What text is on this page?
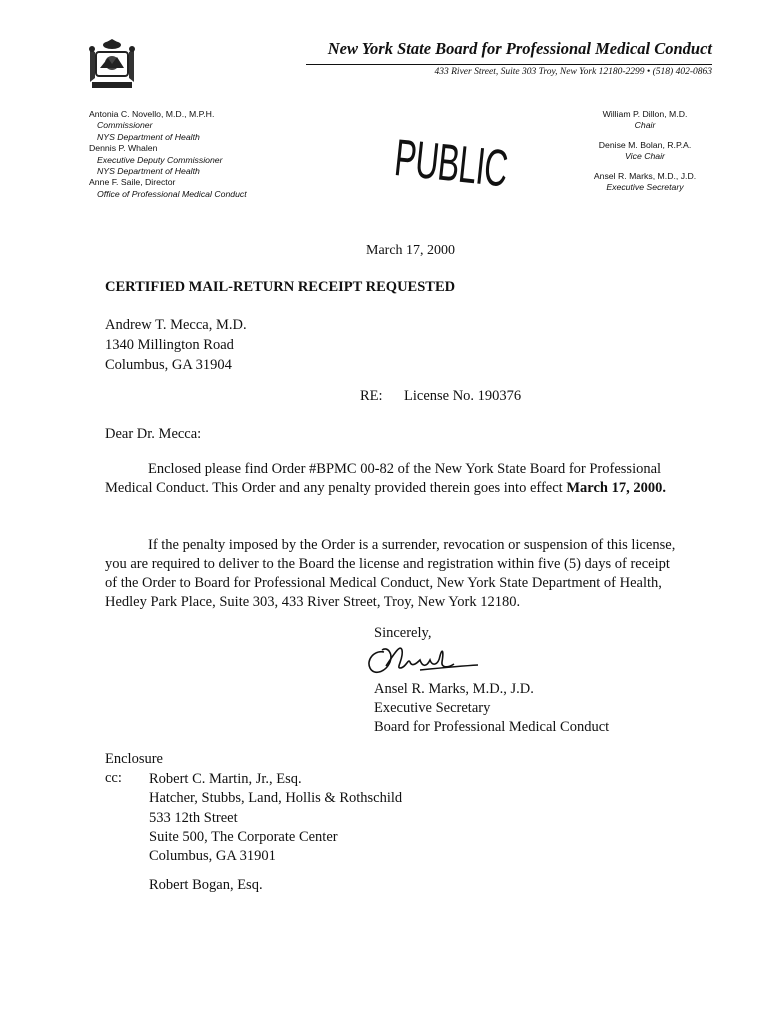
New York State Board for Professional Medical Conduct
433 River Street, Suite 303 Troy, New York 12180-2299 • (518) 402-0863
Antonia C. Novello, M.D., M.P.H.
Commissioner
NYS Department of Health
Dennis P. Whalen
Executive Deputy Commissioner
NYS Department of Health
Anne F. Saile, Director
Office of Professional Medical Conduct
William P. Dillon, M.D.
Chair
Denise M. Bolan, R.P.A.
Vice Chair
Ansel R. Marks, M.D., J.D.
Executive Secretary
PUBLIC
March 17, 2000
CERTIFIED MAIL-RETURN RECEIPT REQUESTED
Andrew T. Mecca, M.D.
1340 Millington Road
Columbus, GA 31904
RE: License No. 190376
Dear Dr. Mecca:
Enclosed please find Order #BPMC 00-82 of the New York State Board for Professional Medical Conduct. This Order and any penalty provided therein goes into effect March 17, 2000.
If the penalty imposed by the Order is a surrender, revocation or suspension of this license, you are required to deliver to the Board the license and registration within five (5) days of receipt of the Order to Board for Professional Medical Conduct, New York State Department of Health, Hedley Park Place, Suite 303, 433 River Street, Troy, New York 12180.
Sincerely,
Ansel R. Marks, M.D., J.D.
Executive Secretary
Board for Professional Medical Conduct
Enclosure
cc: Robert C. Martin, Jr., Esq.
Hatcher, Stubbs, Land, Hollis & Rothschild
533 12th Street
Suite 500, The Corporate Center
Columbus, GA 31901
Robert Bogan, Esq.
